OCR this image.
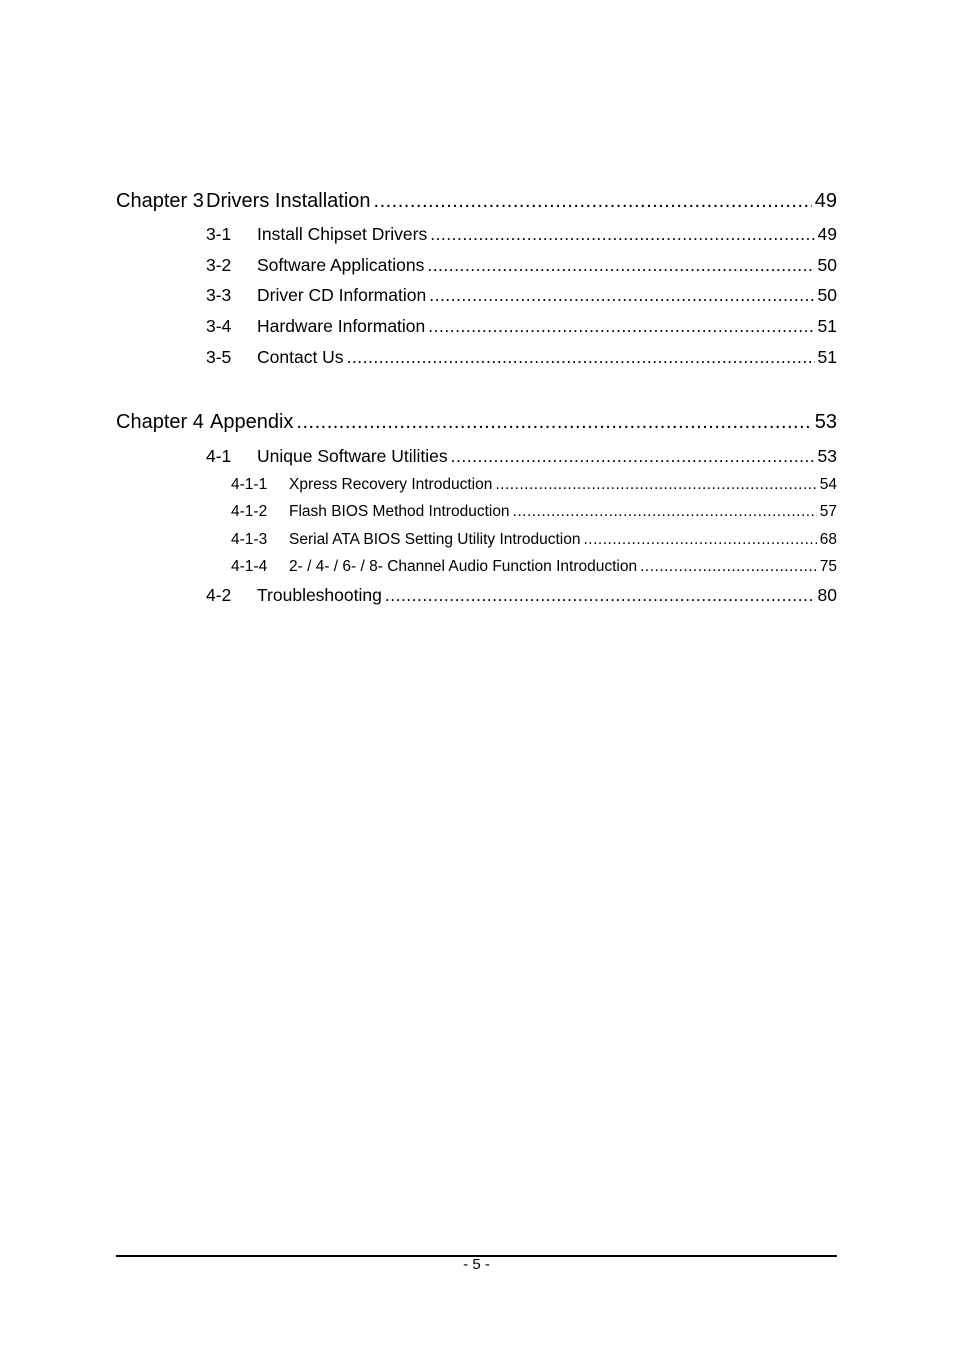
Chapter 3 Drivers Installation .....	49
3-1	Install Chipset Drivers .....	49
3-2	Software Applications .....	50
3-3	Driver CD Information .....	50
3-4	Hardware Information .....	51
3-5	Contact Us .....	51
Chapter 4 Appendix .....	53
4-1	Unique Software Utilities .....	53
4-1-1	Xpress Recovery Introduction .....	54
4-1-2	Flash BIOS Method Introduction .....	57
4-1-3	Serial ATA BIOS Setting Utility Introduction .....	68
4-1-4	2- / 4- / 6- / 8- Channel Audio Function Introduction .....	75
4-2	Troubleshooting .....	80
- 5 -
